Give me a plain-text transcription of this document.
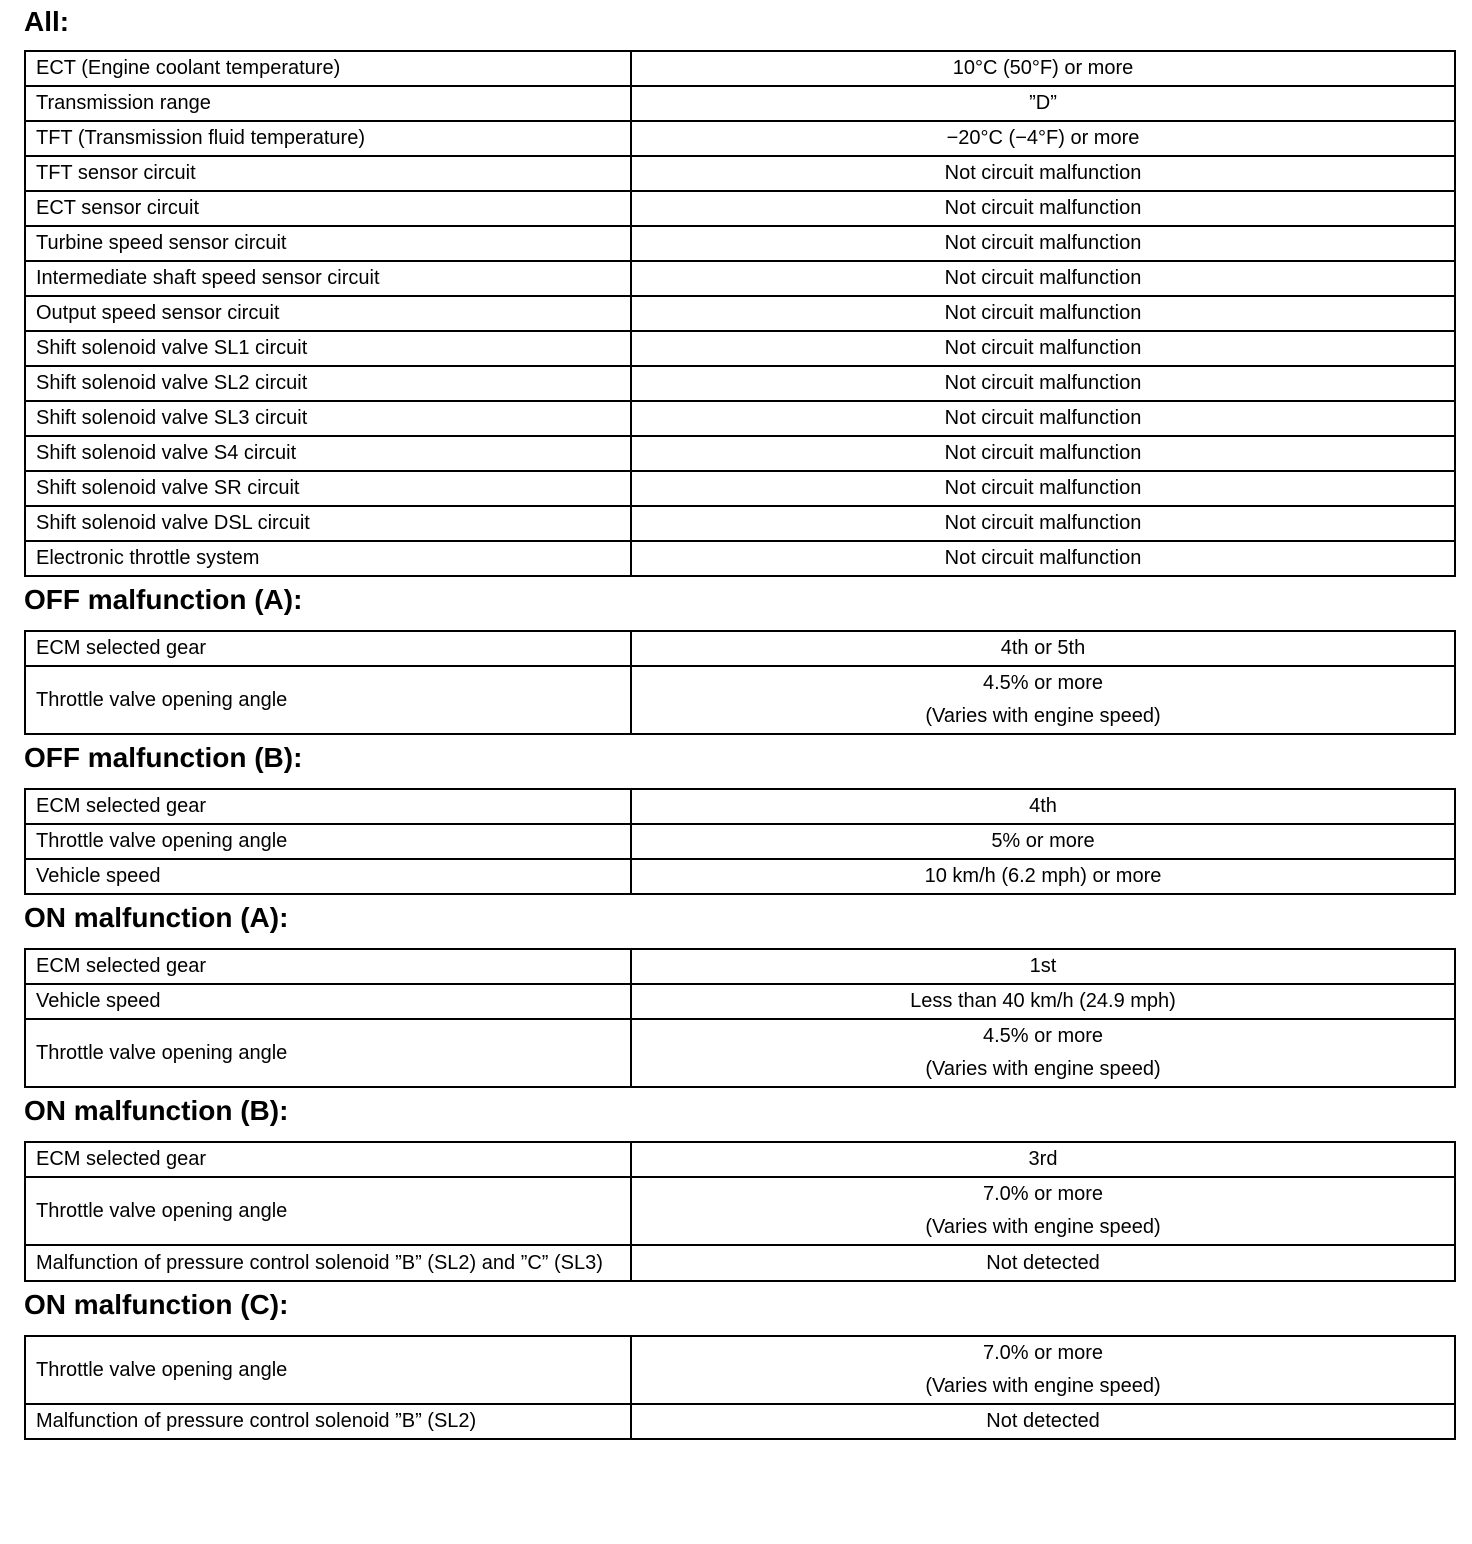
All:
ECT (Engine coolant temperature)	10°C (50°F) or more
Transmission range	”D”
TFT (Transmission fluid temperature)	−20°C (−4°F) or more
TFT sensor circuit	Not circuit malfunction
ECT sensor circuit	Not circuit malfunction
Turbine speed sensor circuit	Not circuit malfunction
Intermediate shaft speed sensor circuit	Not circuit malfunction
Output speed sensor circuit	Not circuit malfunction
Shift solenoid valve SL1 circuit	Not circuit malfunction
Shift solenoid valve SL2 circuit	Not circuit malfunction
Shift solenoid valve SL3 circuit	Not circuit malfunction
Shift solenoid valve S4 circuit	Not circuit malfunction
Shift solenoid valve SR circuit	Not circuit malfunction
Shift solenoid valve DSL circuit	Not circuit malfunction
Electronic throttle system	Not circuit malfunction
OFF malfunction (A):
ECM selected gear	4th or 5th
Throttle valve opening angle	4.5% or more
(Varies with engine speed)
OFF malfunction (B):
ECM selected gear	4th
Throttle valve opening angle	5% or more
Vehicle speed	10 km/h (6.2 mph) or more
ON malfunction (A):
ECM selected gear	1st
Vehicle speed	Less than 40 km/h (24.9 mph)
Throttle valve opening angle	4.5% or more
(Varies with engine speed)
ON malfunction (B):
ECM selected gear	3rd
Throttle valve opening angle	7.0% or more
(Varies with engine speed)

Malfunction of pressure control solenoid ”B” (SL2) and ”C” (SL3)	Not detected
ON malfunction (C):
Throttle valve opening angle	7.0% or more
(Varies with engine speed)

Malfunction of pressure control solenoid ”B” (SL2)	Not detected
